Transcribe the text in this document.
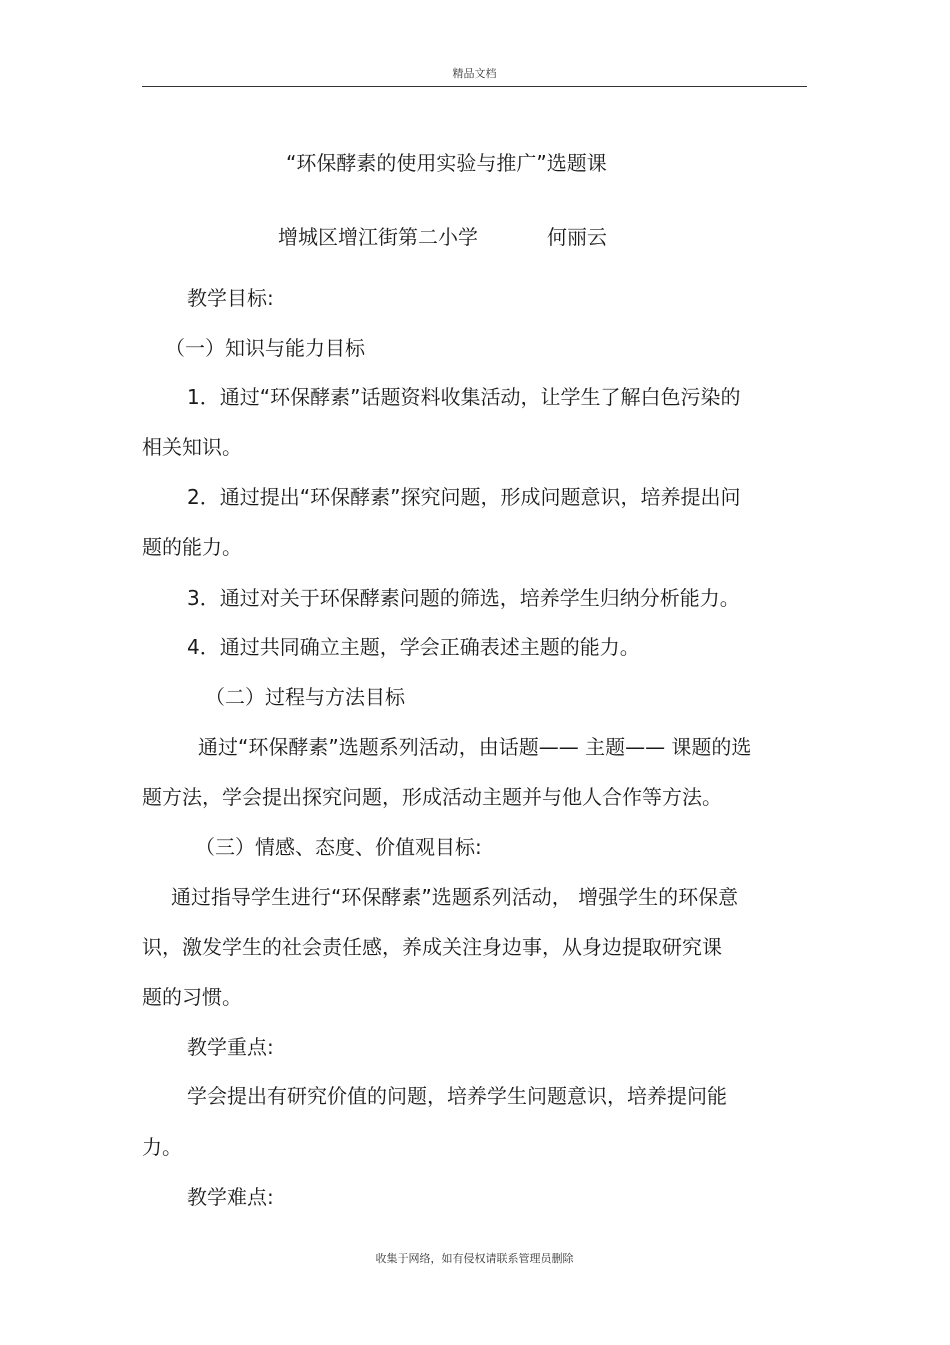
精品文档
“环保酵素的使用实验与推广”选题课
增城区增江街第二小学	何丽云
教学目标:
（一）知识与能力目标
1．通过“环保酵素”话题资料收集活动，让学生了解白色污染的
相关知识。
2．通过提出“环保酵素”探究问题，形成问题意识，培养提出问
题的能力。
3．通过对关于环保酵素问题的筛选，培养学生归纳分析能力。
4．通过共同确立主题，学会正确表述主题的能力。
（二）过程与方法目标
通过“环保酵素”选题系列活动，由话题—— 主题—— 课题的选
题方法，学会提出探究问题，形成活动主题并与他人合作等方法。
（三）情感、态度、价值观目标:
通过指导学生进行“环保酵素”选题系列活动， 增强学生的环保意
识，激发学生的社会责任感，养成关注身边事，从身边提取研究课
题的习惯。
教学重点:
学会提出有研究价值的问题，培养学生问题意识，培养提问能
力。
教学难点:
收集于网络，如有侵权请联系管理员删除
